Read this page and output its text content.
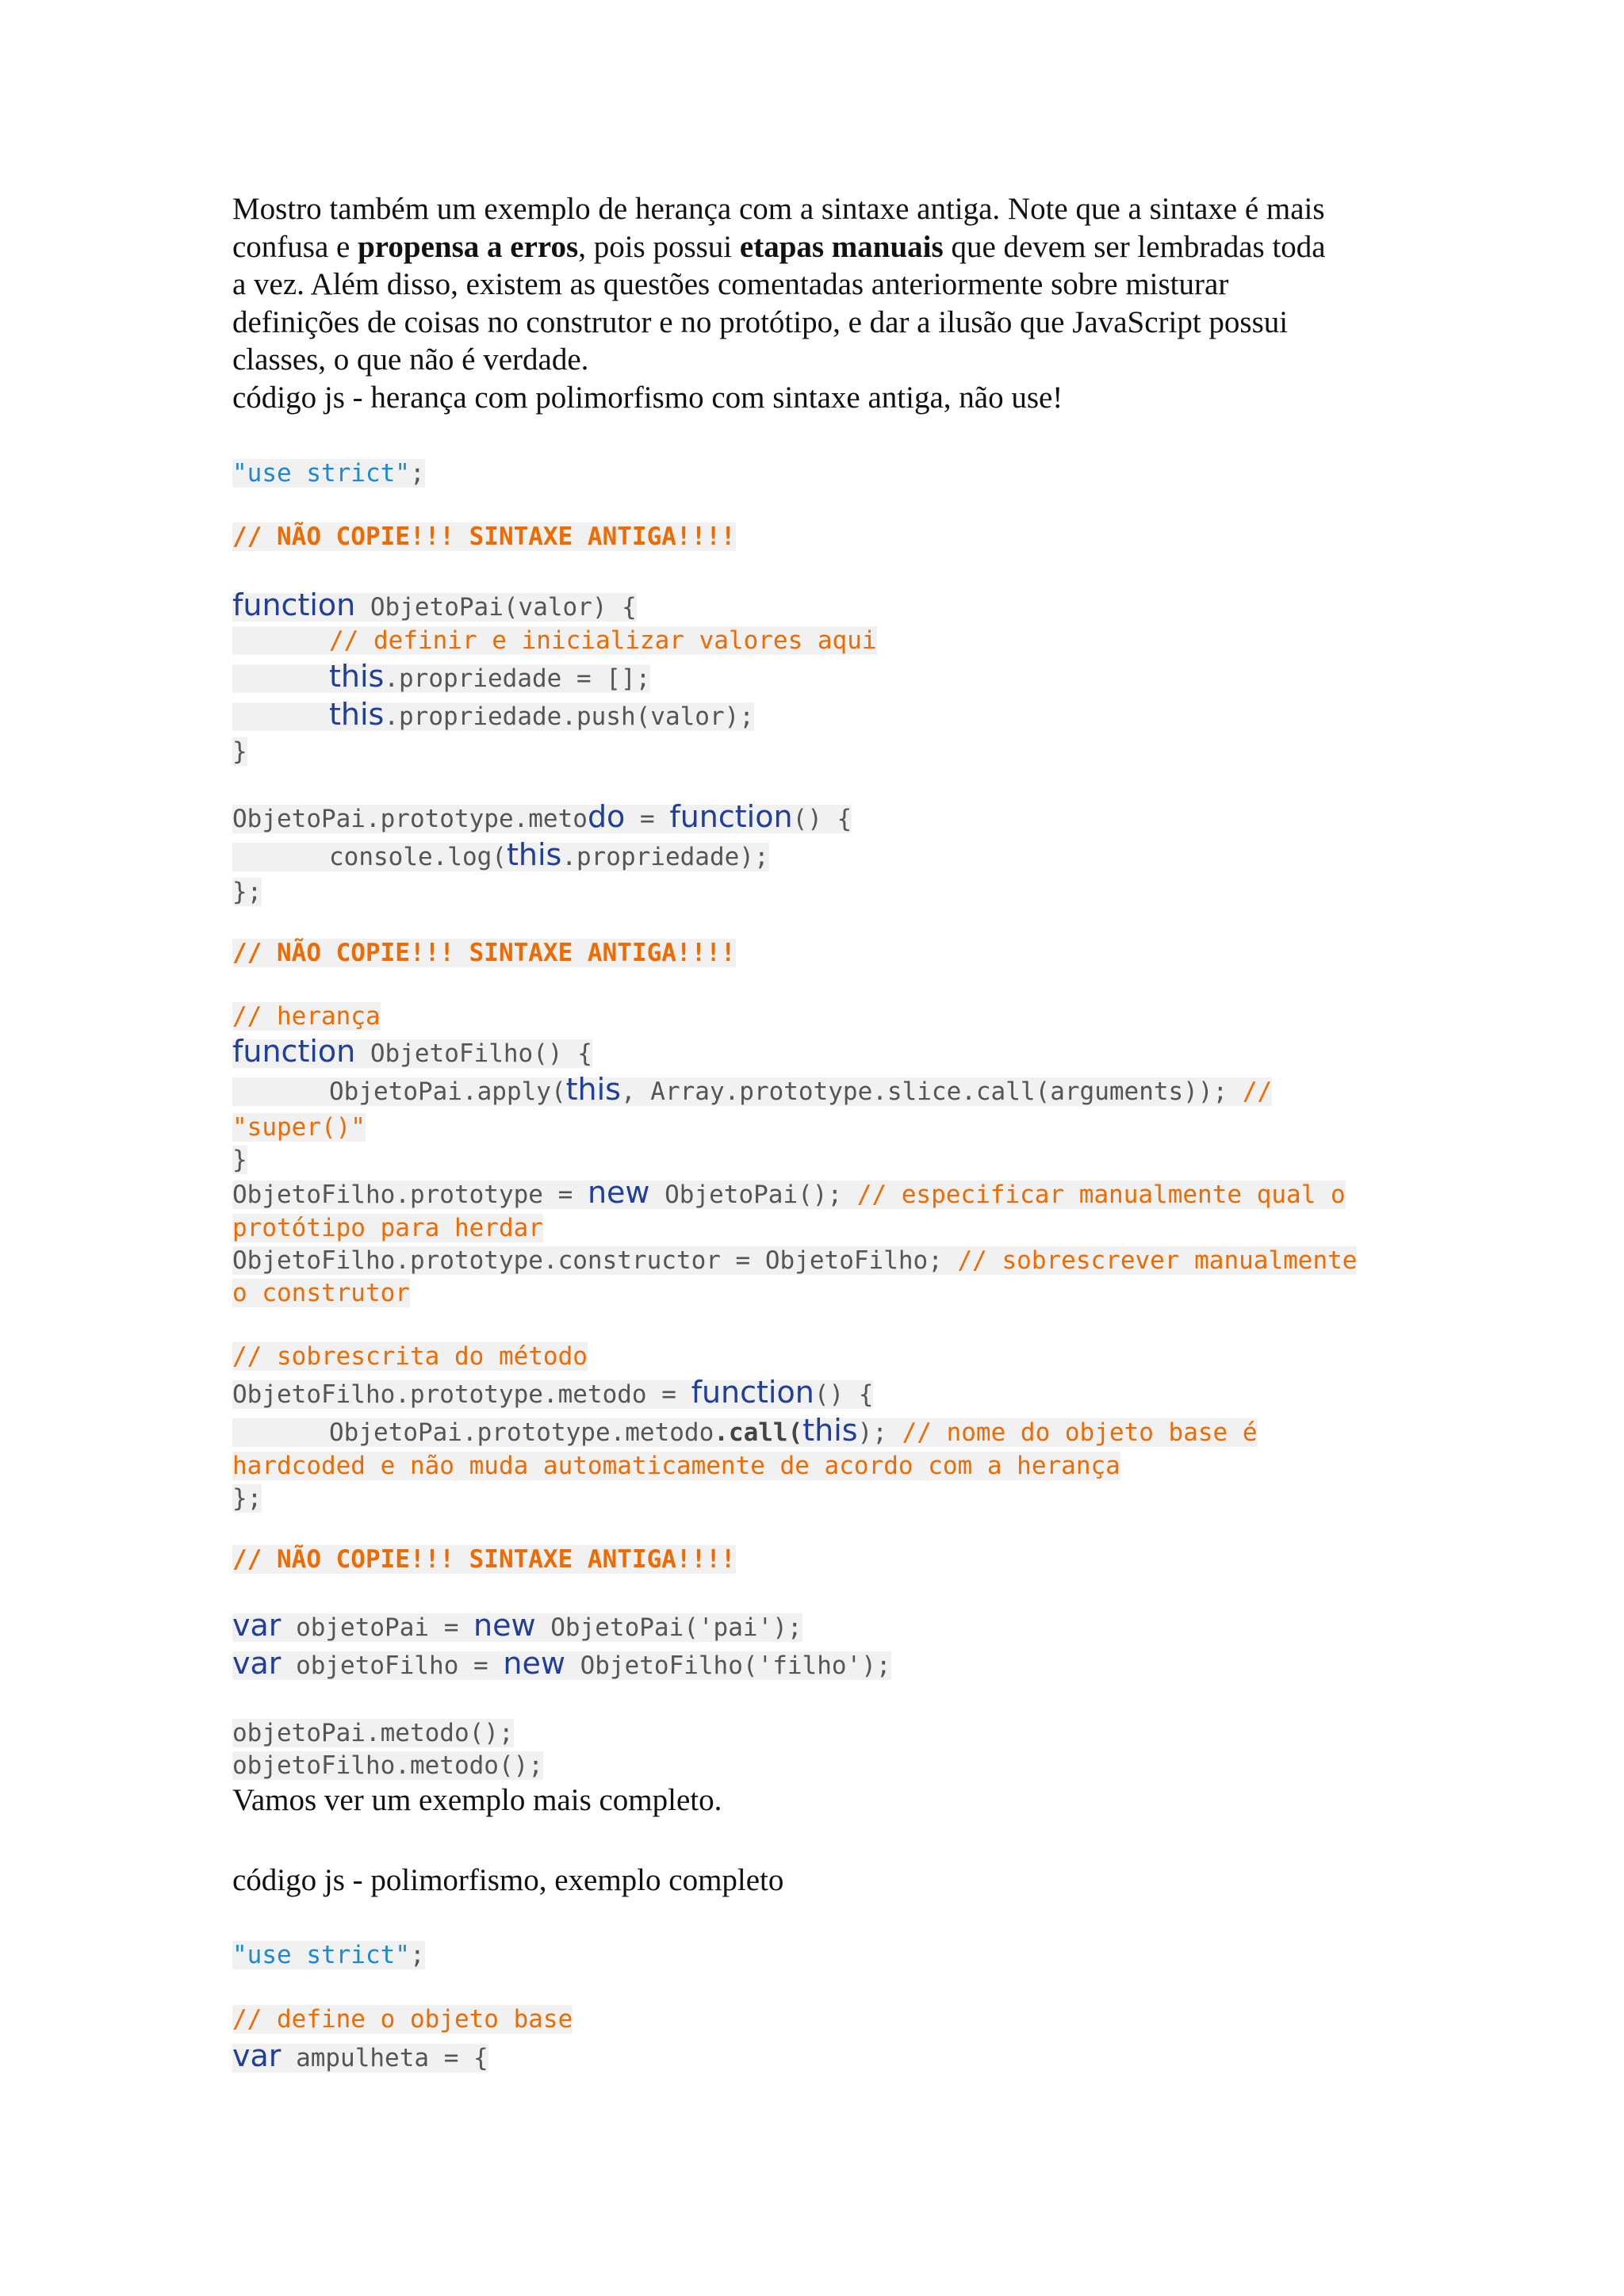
Mostro também um exemplo de herança com a sintaxe antiga. Note que a sintaxe é mais
confusa e propensa a erros, pois possui etapas manuais que devem ser lembradas toda
a vez. Além disso, existem as questões comentadas anteriormente sobre misturar
definições de coisas no construtor e no protótipo, e dar a ilusão que JavaScript possui
classes, o que não é verdade.
código js - herança com polimorfismo com sintaxe antiga, não use!
"use strict";
// NÃO COPIE!!! SINTAXE ANTIGA!!!!
function ObjetoPai(valor) {
// definir e inicializar valores aqui
this.propriedade = [];
this.propriedade.push(valor);
}
ObjetoPai.prototype.metodo = function() {
console.log(this.propriedade);
};
// NÃO COPIE!!! SINTAXE ANTIGA!!!!
// herança
function ObjetoFilho() {
ObjetoPai.apply(this, Array.prototype.slice.call(arguments)); //
"super()"
}
ObjetoFilho.prototype = new ObjetoPai(); // especificar manualmente qual o
protótipo para herdar
ObjetoFilho.prototype.constructor = ObjetoFilho; // sobrescrever manualmente
o construtor
// sobrescrita do método
ObjetoFilho.prototype.metodo = function() {
ObjetoPai.prototype.metodo.call(this); // nome do objeto base é
hardcoded e não muda automaticamente de acordo com a herança
};
// NÃO COPIE!!! SINTAXE ANTIGA!!!!
var objetoPai = new ObjetoPai('pai');
var objetoFilho = new ObjetoFilho('filho');
objetoPai.metodo();
objetoFilho.metodo();
Vamos ver um exemplo mais completo.
código js - polimorfismo, exemplo completo
"use strict";
// define o objeto base
var ampulheta = {
